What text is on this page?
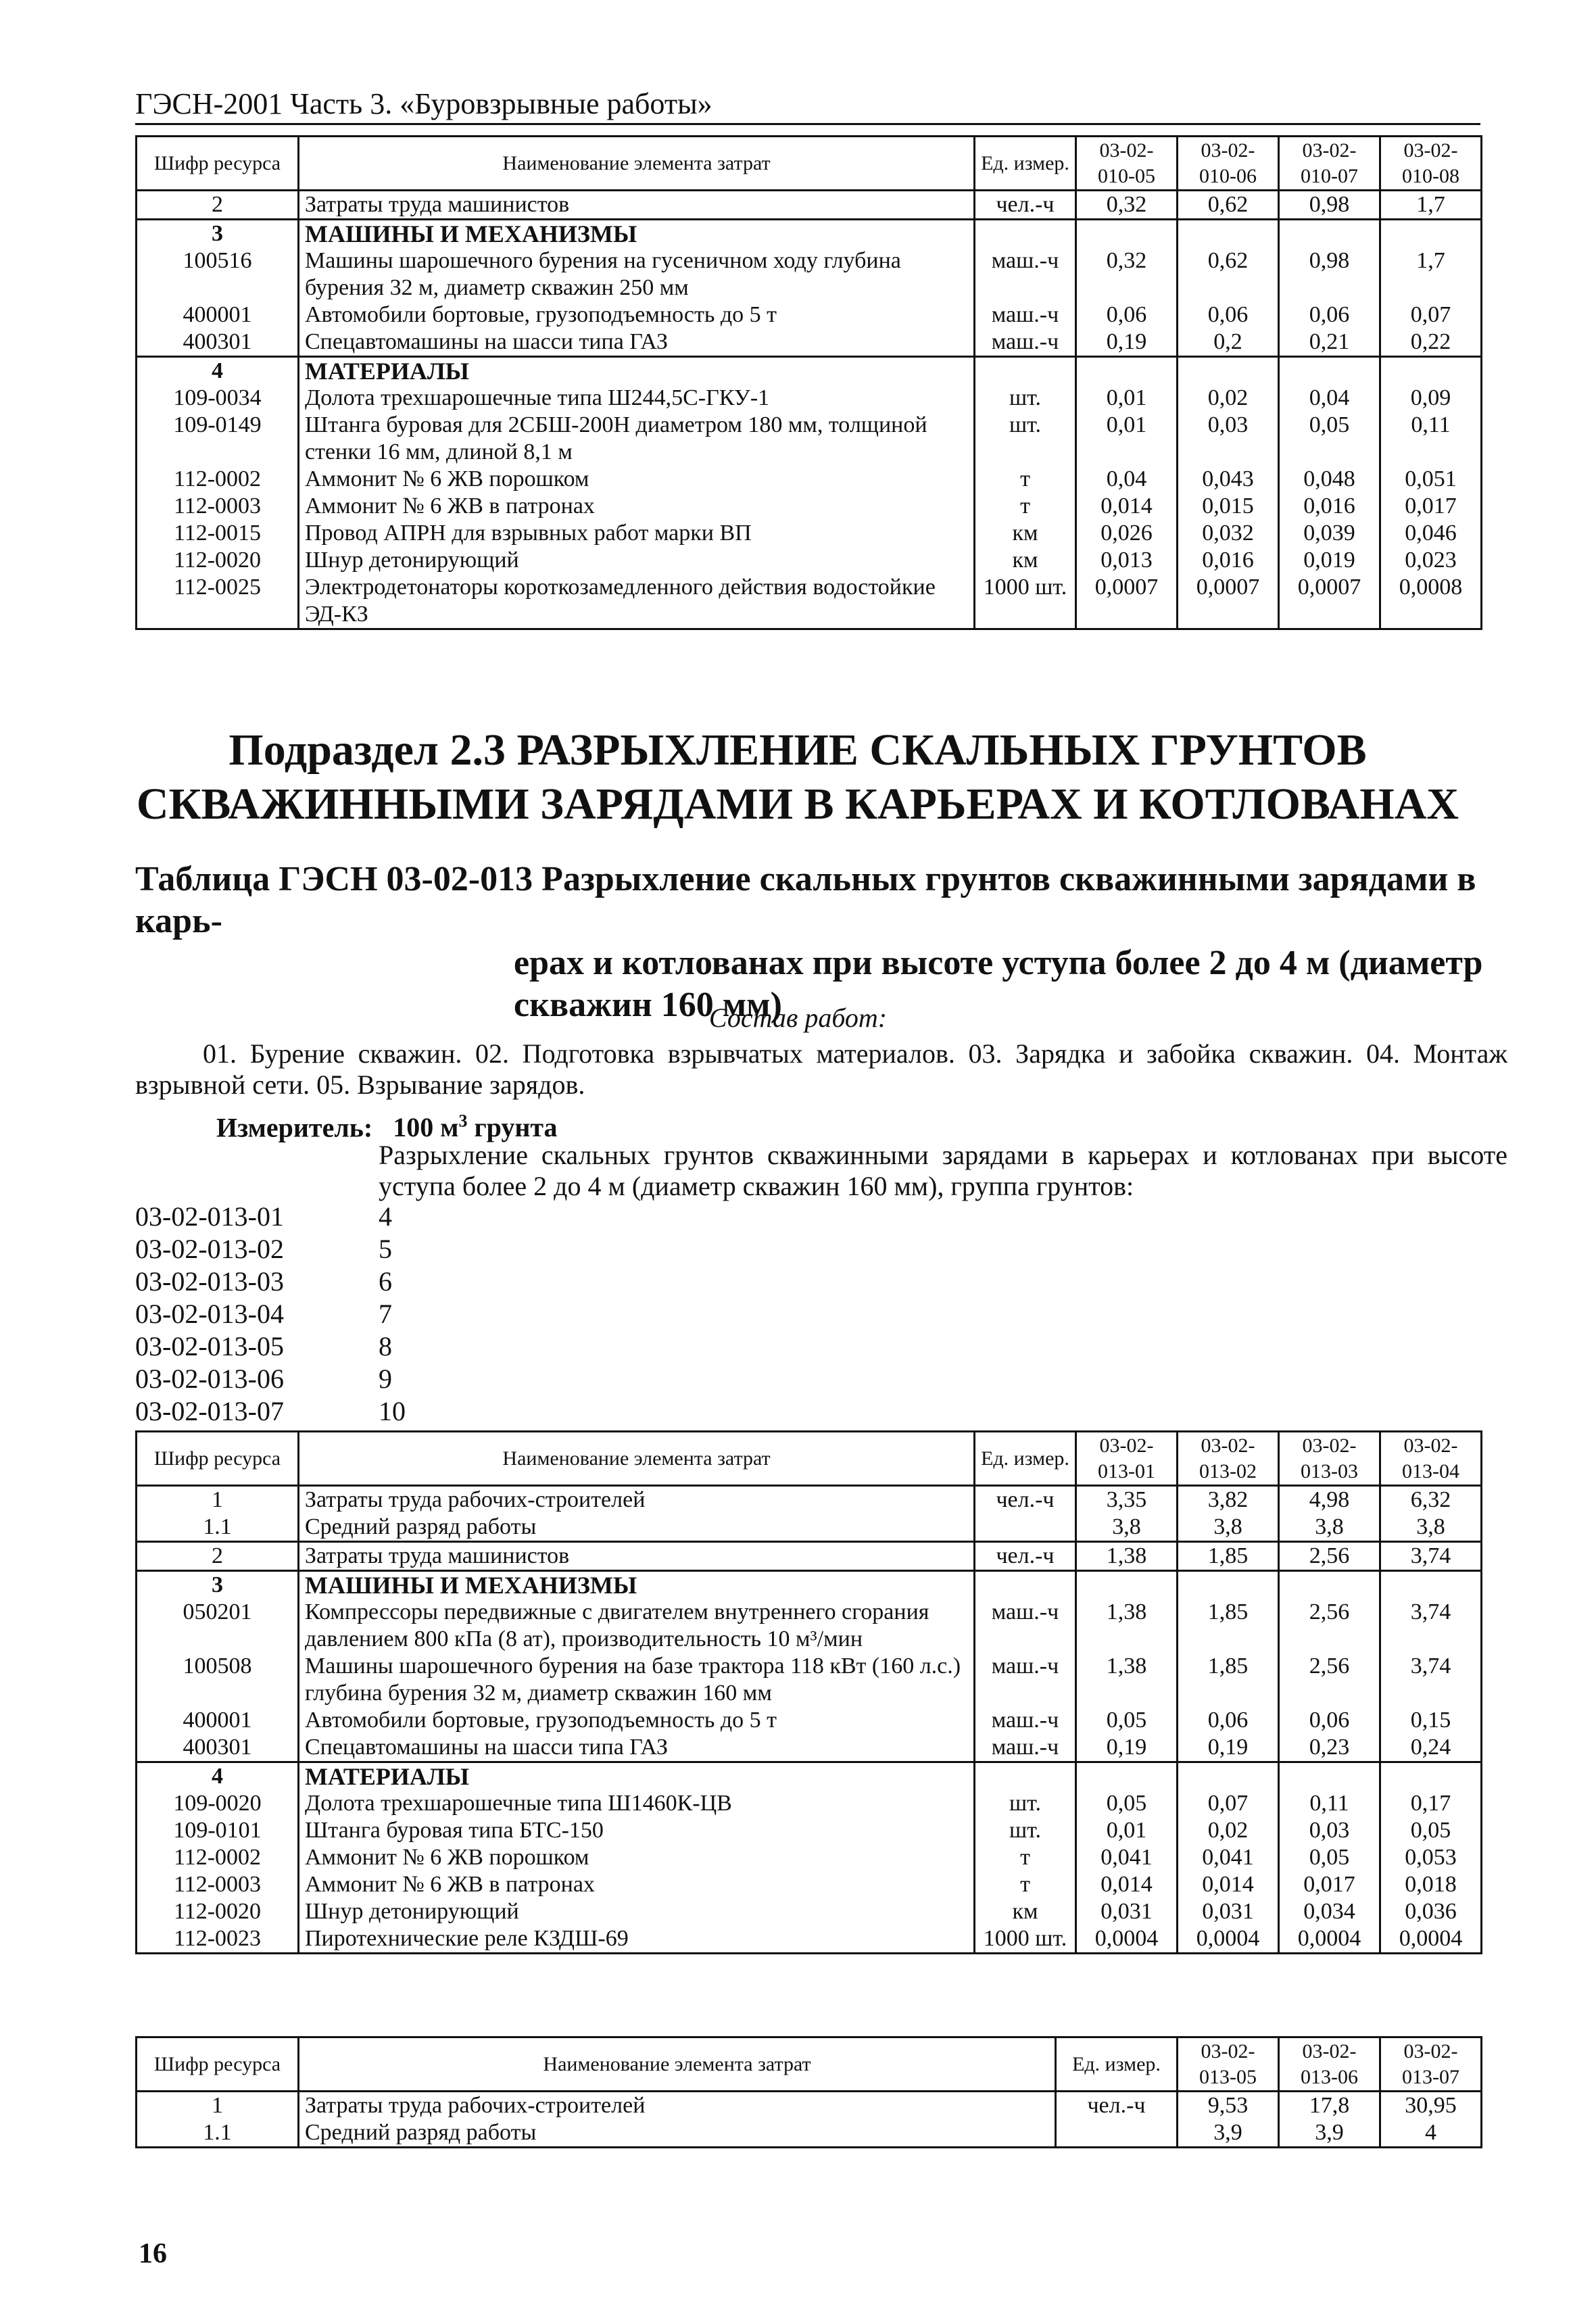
ГЭСН-2001 Часть 3. «Буровзрывные работы»
Шифр ресурса	Наименование элемента затрат	Ед. измер.	03-02-010-05	03-02-010-06	03-02-010-07	03-02-010-08
2	Затраты труда машинистов	чел.-ч	0,32	0,62	0,98	1,7
3	МАШИНЫ И МЕХАНИЗМЫ					
100516	Машины шарошечного бурения на гусеничном ходу глубина бурения 32 м, диаметр скважин 250 мм	маш.-ч	0,32	0,62	0,98	1,7
400001	Автомобили бортовые, грузоподъемность до 5 т	маш.-ч	0,06	0,06	0,06	0,07
400301	Спецавтомашины на шасси типа ГАЗ	маш.-ч	0,19	0,2	0,21	0,22
4	МАТЕРИАЛЫ					
109-0034	Долота трехшарошечные типа Ш244,5С-ГКУ-1	шт.	0,01	0,02	0,04	0,09
109-0149	Штанга буровая для 2СБШ-200Н диаметром 180 мм, толщиной стенки 16 мм, длиной 8,1 м	шт.	0,01	0,03	0,05	0,11
112-0002	Аммонит № 6 ЖВ порошком	т	0,04	0,043	0,048	0,051
112-0003	Аммонит № 6 ЖВ в патронах	т	0,014	0,015	0,016	0,017
112-0015	Провод АПРН для взрывных работ марки ВП	км	0,026	0,032	0,039	0,046
112-0020	Шнур детонирующий	км	0,013	0,016	0,019	0,023
112-0025	Электродетонаторы короткозамедленного действия водостойкие ЭД-КЗ	1000 шт.	0,0007	0,0007	0,0007	0,0008
Подраздел 2.3 РАЗРЫХЛЕНИЕ СКАЛЬНЫХ ГРУНТОВ СКВАЖИННЫМИ ЗАРЯДАМИ В КАРЬЕРАХ И КОТЛОВАНАХ
Таблица ГЭСН 03-02-013 Разрыхление скальных грунтов скважинными зарядами в карь-
ерах и котлованах при высоте уступа более 2 до 4 м (диаметр скважин 160 мм)
Состав работ:
01. Бурение скважин. 02. Подготовка взрывчатых материалов. 03. Зарядка и забойка скважин. 04. Монтаж взрывной сети. 05. Взрывание зарядов.
Измеритель: 100 $м^3$ грунта
Разрыхление скальных грунтов скважинными зарядами в карьерах и котлованах при высоте уступа более 2 до 4 м (диаметр скважин 160 мм), группа грунтов:
03-02-013-01	4
03-02-013-02	5
03-02-013-03	6
03-02-013-04	7
03-02-013-05	8
03-02-013-06	9
03-02-013-07	10
Шифр ресурса	Наименование элемента затрат	Ед. измер.	03-02-013-01	03-02-013-02	03-02-013-03	03-02-013-04
1	Затраты труда рабочих-строителей	чел.-ч	3,35	3,82	4,98	6,32
1.1	Средний разряд работы		3,8	3,8	3,8	3,8
2	Затраты труда машинистов	чел.-ч	1,38	1,85	2,56	3,74
3	МАШИНЫ И МЕХАНИЗМЫ					
050201	Компрессоры передвижные с двигателем внутреннего сгорания давлением 800 кПа (8 ат), производительность 10 м³/мин	маш.-ч	1,38	1,85	2,56	3,74
100508	Машины шарошечного бурения на базе трактора 118 кВт (160 л.с.) глубина бурения 32 м, диаметр скважин 160 мм	маш.-ч	1,38	1,85	2,56	3,74
400001	Автомобили бортовые, грузоподъемность до 5 т	маш.-ч	0,05	0,06	0,06	0,15
400301	Спецавтомашины на шасси типа ГАЗ	маш.-ч	0,19	0,19	0,23	0,24
4	МАТЕРИАЛЫ					
109-0020	Долота трехшарошечные типа Ш1460К-ЦВ	шт.	0,05	0,07	0,11	0,17
109-0101	Штанга буровая типа БТС-150	шт.	0,01	0,02	0,03	0,05
112-0002	Аммонит № 6 ЖВ порошком	т	0,041	0,041	0,05	0,053
112-0003	Аммонит № 6 ЖВ в патронах	т	0,014	0,014	0,017	0,018
112-0020	Шнур детонирующий	км	0,031	0,031	0,034	0,036
112-0023	Пиротехнические реле КЗДШ-69	1000 шт.	0,0004	0,0004	0,0004	0,0004
Шифр ресурса	Наименование элемента затрат	Ед. измер.	03-02-013-05	03-02-013-06	03-02-013-07
1	Затраты труда рабочих-строителей	чел.-ч	9,53	17,8	30,95
1.1	Средний разряд работы		3,9	3,9	4
16
